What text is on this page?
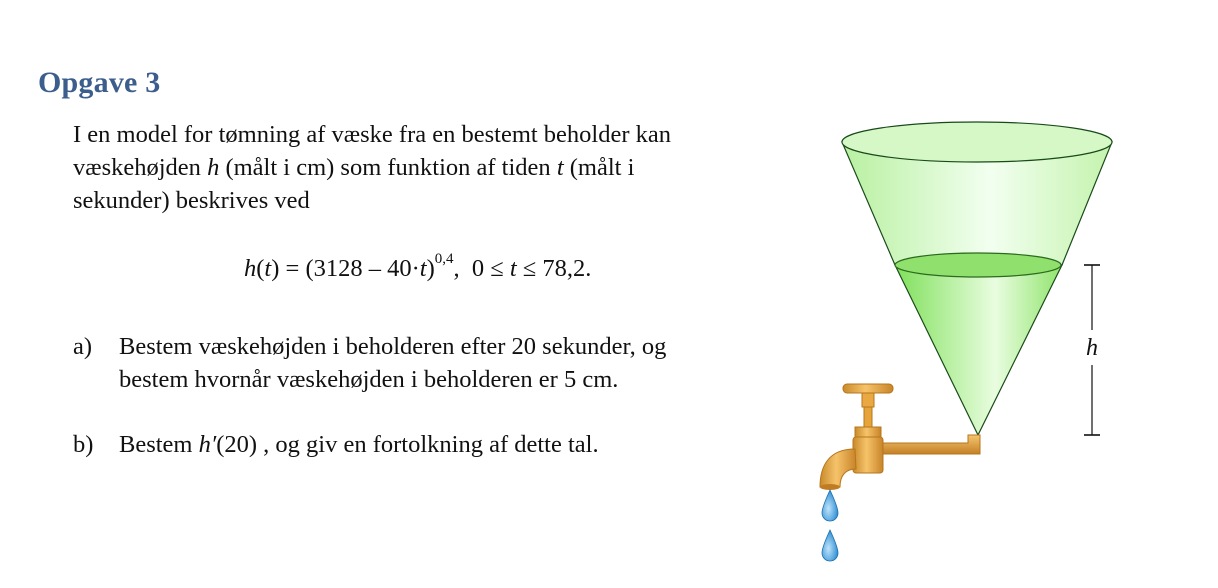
Opgave 3

I en model for tømning af væske fra en bestemt beholder kan

væskehøjden h (målt i cm) som funktion af tiden t (målt i

sekunder) beskrives ved

$h(t) = (3128 - 40\cdot t)^{0,4}$, 0 ≤ t ≤ 78,2.
a)	Bestem væskehøjden i beholderen efter 20 sekunder, og
bestem hvornår væskehøjden i beholderen er 5 cm.
b)	Bestem h′(20) , og giv en fortolkning af dette tal.
h
